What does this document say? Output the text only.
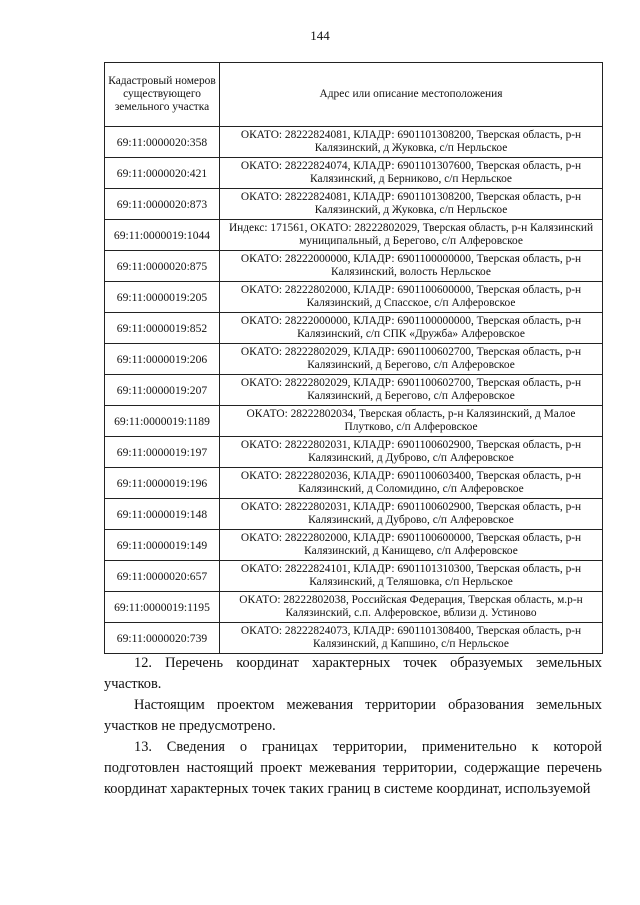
144
Кадастровый номеров существующего земельного участка	Адрес или описание местоположения
69:11:0000020:358	ОКАТО: 28222824081, КЛАДР: 6901101308200, Тверская область, р-н Калязинский, д Жуковка, с/п Нерльское
69:11:0000020:421	ОКАТО: 28222824074, КЛАДР: 6901101307600, Тверская область, р-н Калязинский, д Берниково, с/п Нерльское
69:11:0000020:873	ОКАТО: 28222824081, КЛАДР: 6901101308200, Тверская область, р-н Калязинский, д Жуковка, с/п Нерльское
69:11:0000019:1044	Индекс: 171561, ОКАТО: 28222802029, Тверская область, р-н Калязинский муниципальный, д Берегово, с/п Алферовское
69:11:0000020:875	ОКАТО: 28222000000, КЛАДР: 6901100000000, Тверская область, р-н Калязинский, волость Нерльское
69:11:0000019:205	ОКАТО: 28222802000, КЛАДР: 6901100600000, Тверская область, р-н Калязинский, д Спасское, с/п Алферовское
69:11:0000019:852	ОКАТО: 28222000000, КЛАДР: 6901100000000, Тверская область, р-н Калязинский, с/п СПК «Дружба» Алферовское
69:11:0000019:206	ОКАТО: 28222802029, КЛАДР: 6901100602700, Тверская область, р-н Калязинский, д Берегово, с/п Алферовское
69:11:0000019:207	ОКАТО: 28222802029, КЛАДР: 6901100602700, Тверская область, р-н Калязинский, д Берегово, с/п Алферовское
69:11:0000019:1189	ОКАТО: 28222802034, Тверская область, р-н Калязинский, д Малое Плутково, с/п Алферовское
69:11:0000019:197	ОКАТО: 28222802031, КЛАДР: 6901100602900, Тверская область, р-н Калязинский, д Дуброво, с/п Алферовское
69:11:0000019:196	ОКАТО: 28222802036, КЛАДР: 6901100603400, Тверская область, р-н Калязинский, д Соломидино, с/п Алферовское
69:11:0000019:148	ОКАТО: 28222802031, КЛАДР: 6901100602900, Тверская область, р-н Калязинский, д Дуброво, с/п Алферовское
69:11:0000019:149	ОКАТО: 28222802000, КЛАДР: 6901100600000, Тверская область, р-н Калязинский, д Канищево, с/п Алферовское
69:11:0000020:657	ОКАТО: 28222824101, КЛАДР: 6901101310300, Тверская область, р-н Калязинский, д Теляшовка, с/п Нерльское
69:11:0000019:1195	ОКАТО: 28222802038, Российская Федерация, Тверская область, м.р-н Калязинский, с.п. Алферовское, вблизи д. Устиново
69:11:0000020:739	ОКАТО: 28222824073, КЛАДР: 6901101308400, Тверская область, р-н Калязинский, д Капшино, с/п Нерльское
12. Перечень координат характерных точек образуемых земельных участков.
Настоящим проектом межевания территории образования земельных участков не предусмотрено.
13. Сведения о границах территории, применительно к которой подготовлен настоящий проект межевания территории, содержащие перечень координат характерных точек таких границ в системе координат, используемой
